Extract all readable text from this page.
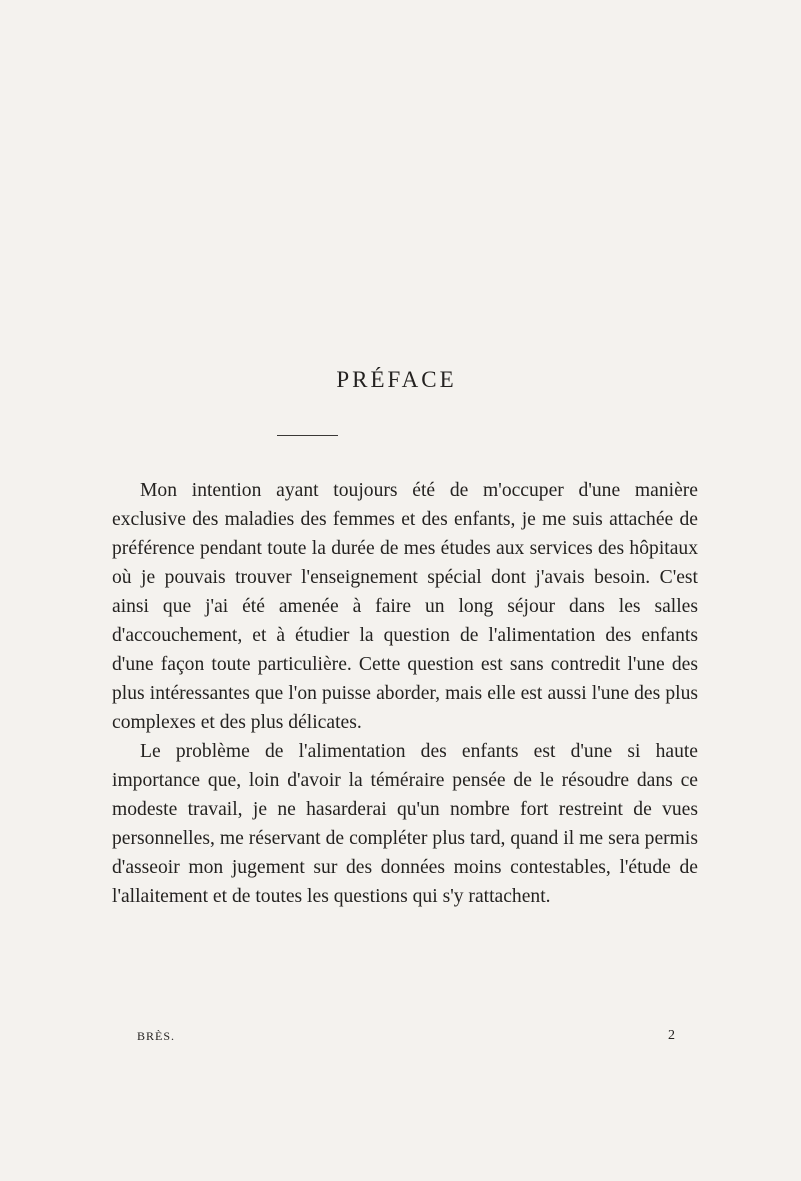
PRÉFACE

Mon intention ayant toujours été de m'occuper d'une manière exclusive des maladies des femmes et des enfants, je me suis attachée de préférence pendant toute la durée de mes études aux services des hôpitaux où je pouvais trouver l'enseignement spécial dont j'avais besoin. C'est ainsi que j'ai été amenée à faire un long séjour dans les salles d'accouchement, et à étudier la question de l'alimentation des enfants d'une façon toute particulière. Cette question est sans contredit l'une des plus intéressantes que l'on puisse aborder, mais elle est aussi l'une des plus complexes et des plus délicates.

Le problème de l'alimentation des enfants est d'une si haute importance que, loin d'avoir la téméraire pensée de le résoudre dans ce modeste travail, je ne hasarderai qu'un nombre fort restreint de vues personnelles, me réservant de compléter plus tard, quand il me sera permis d'asseoir mon jugement sur des données moins contestables, l'étude de l'allaitement et de toutes les questions qui s'y rattachent.

BRÈS.	2
